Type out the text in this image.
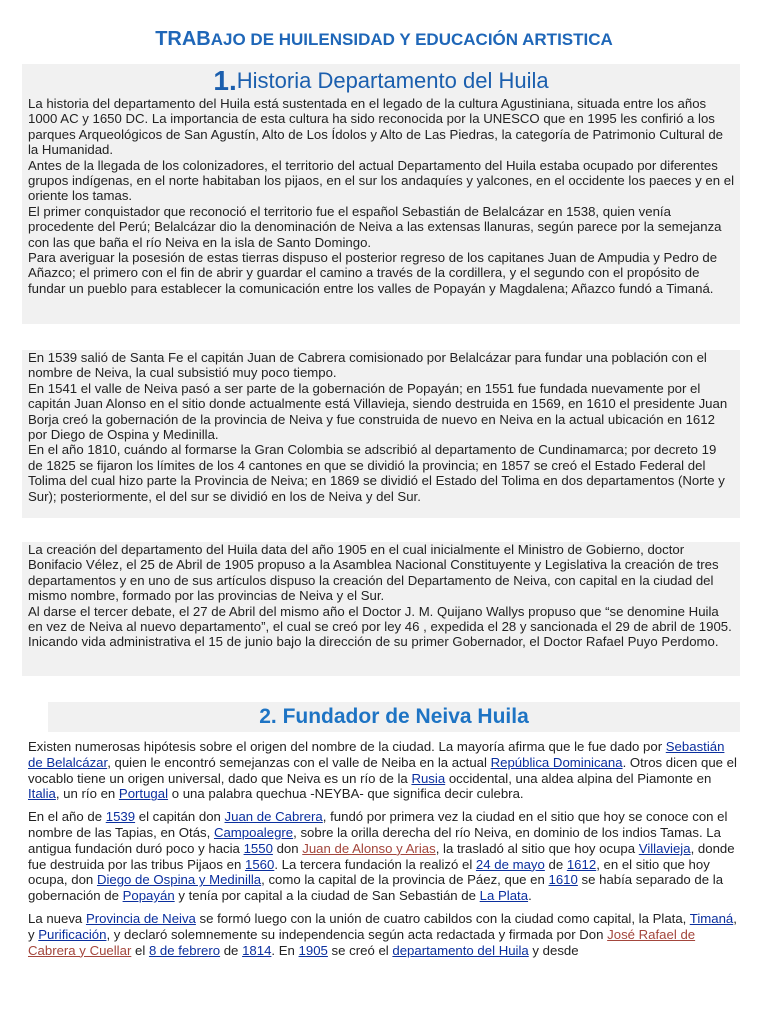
TRABAJO DE HUILENSIDAD Y EDUCACIÓN ARTISTICA
1.Historia Departamento del Huila

La historia del departamento del Huila está sustentada en el legado de la cultura Agustiniana, situada entre los años 1000 AC y 1650 DC. La importancia de esta cultura ha sido reconocida por la UNESCO que en 1995 les confirió a los parques Arqueológicos de San Agustín, Alto de Los Ídolos y Alto de Las Piedras, la categoría de Patrimonio Cultural de la Humanidad.

Antes de la llegada de los colonizadores, el territorio del actual Departamento del Huila estaba ocupado por diferentes grupos indígenas, en el norte habitaban los pijaos, en el sur los andaquíes y yalcones, en el occidente los paeces y en el oriente los tamas.

El primer conquistador que reconoció el territorio fue el español Sebastián de Belalcázar en 1538, quien venía procedente del Perú; Belalcázar dio la denominación de Neiva a las extensas llanuras, según parece por la semejanza con las que baña el río Neiva en la isla de Santo Domingo.

Para averiguar la posesión de estas tierras dispuso el posterior regreso de los capitanes Juan de Ampudia y Pedro de Añazco; el primero con el fin de abrir y guardar el camino a través de la cordillera, y el segundo con el propósito de fundar un pueblo para establecer la comunicación entre los valles de Popayán y Magdalena; Añazco fundó a Timaná.

En 1539 salió de Santa Fe el capitán Juan de Cabrera comisionado por Belalcázar para fundar una población con el nombre de Neiva, la cual subsistió muy poco tiempo.

En 1541 el valle de Neiva pasó a ser parte de la gobernación de Popayán; en 1551 fue fundada nuevamente por el capitán Juan Alonso en el sitio donde actualmente está Villavieja, siendo destruida en 1569, en 1610 el presidente Juan Borja creó la gobernación de la provincia de Neiva y fue construida de nuevo en Neiva en la actual ubicación en 1612 por Diego de Ospina y Medinilla.

En el año 1810, cuándo al formarse la Gran Colombia se adscribió al departamento de Cundinamarca; por decreto 19 de 1825 se fijaron los límites de los 4 cantones en que se dividió la provincia; en 1857 se creó el Estado Federal del Tolima del cual hizo parte la Provincia de Neiva; en 1869 se dividió el Estado del Tolima en dos departamentos (Norte y Sur); posteriormente, el del sur se dividió en los de Neiva y del Sur.

La creación del departamento del Huila data del año 1905 en el cual inicialmente el Ministro de Gobierno, doctor Bonifacio Vélez, el 25 de Abril de 1905 propuso a la Asamblea Nacional Constituyente y Legislativa la creación de tres departamentos y en uno de sus artículos dispuso la creación del Departamento de Neiva, con capital en la ciudad del mismo nombre, formado por las provincias de Neiva y el Sur.

Al darse el tercer debate, el 27 de Abril del mismo año el Doctor J. M. Quijano Wallys propuso que “se denomine Huila en vez de Neiva al nuevo departamento”, el cual se creó por ley 46 , expedida el 28 y sancionada el 29 de abril de 1905. Inicando vida administrativa el 15 de junio bajo la dirección de su primer Gobernador, el Doctor Rafael Puyo Perdomo.

2. Fundador de Neiva Huila

Existen numerosas hipótesis sobre el origen del nombre de la ciudad. La mayoría afirma que le fue dado por Sebastián de Belalcázar, quien le encontró semejanzas con el valle de Neiba en la actual República Dominicana. Otros dicen que el vocablo tiene un origen universal, dado que Neiva es un río de la Rusia occidental, una aldea alpina del Piamonte en Italia, un río en Portugal o una palabra quechua -NEYBA- que significa decir culebra.

En el año de 1539 el capitán don Juan de Cabrera, fundó por primera vez la ciudad en el sitio que hoy se conoce con el nombre de las Tapias, en Otás, Campoalegre, sobre la orilla derecha del río Neiva, en dominio de los indios Tamas. La antigua fundación duró poco y hacia 1550 don Juan de Alonso y Arias, la trasladó al sitio que hoy ocupa Villavieja, donde fue destruida por las tribus Pijaos en 1560. La tercera fundación la realizó el 24 de mayo de 1612, en el sitio que hoy ocupa, don Diego de Ospina y Medinilla, como la capital de la provincia de Páez, que en 1610 se había separado de la gobernación de Popayán y tenía por capital a la ciudad de San Sebastián de La Plata.

La nueva Provincia de Neiva se formó luego con la unión de cuatro cabildos con la ciudad como capital, la Plata, Timaná, y Purificación, y declaró solemnemente su independencia según acta redactada y firmada por Don José Rafael de Cabrera y Cuellar el 8 de febrero de 1814. En 1905 se creó el departamento del Huila y desde
